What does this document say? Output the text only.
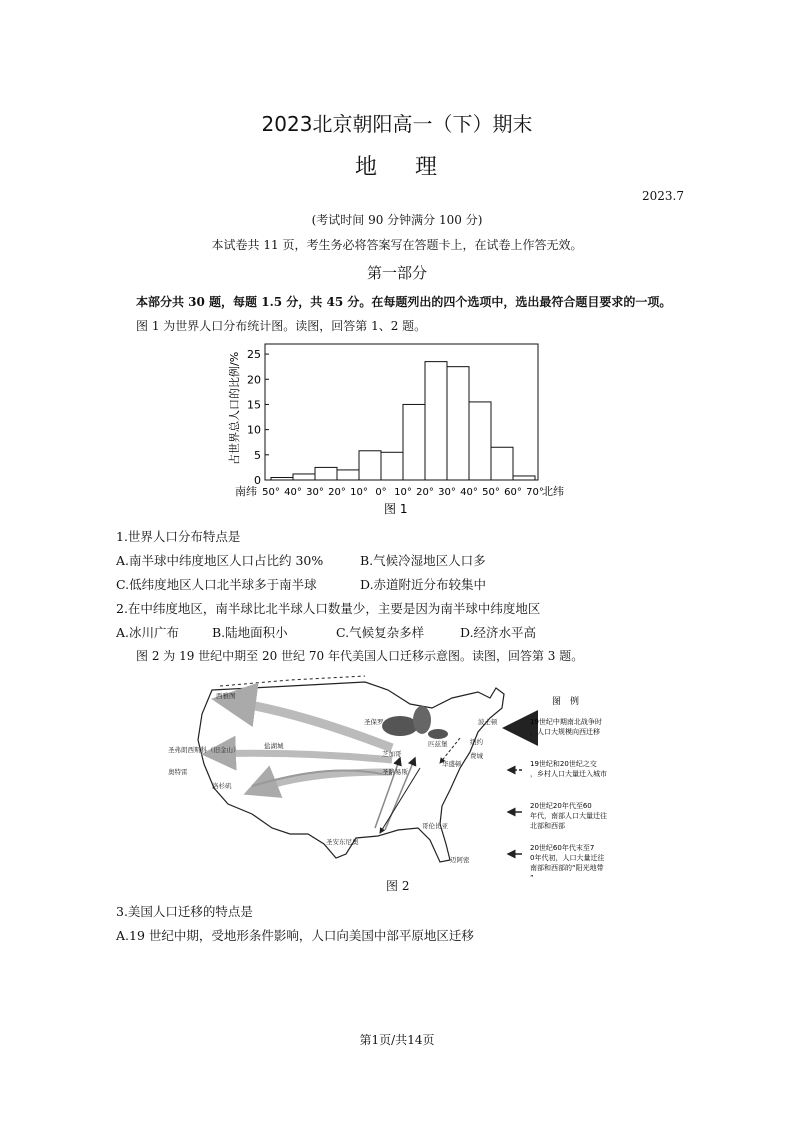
2023北京朝阳高一（下）期末
地 理
2023.7
(考试时间 90 分钟满分 100 分)
本试卷共 11 页，考生务必将答案写在答题卡上，在试卷上作答无效。
第一部分
本部分共 30 题，每题 1.5 分，共 45 分。在每题列出的四个选项中，选出最符合题目要求的一项。
图 1 为世界人口分布统计图。读图，回答第 1、2 题。
占世界总人口的比例/%
0
5
10
15
20
25
50° 40° 30° 20° 10° 0° 10° 20° 30° 40° 50° 60° 70°
南纬	北纬
图 1
1.世界人口分布特点是
A.南半球中纬度地区人口占比约 30%	B.气候冷湿地区人口多
C.低纬度地区人口北半球多于南半球	D.赤道附近分布较集中
2.在中纬度地区，南半球比北半球人口数量少，主要是因为南半球中纬度地区
A.冰川广布	B.陆地面积小	C.气候复杂多样	D.经济水平高
图 2 为 19 世纪中期至 20 世纪 70 年代美国人口迁移示意图。读图，回答第 3 题。
西雅图
圣弗朗西斯科（旧金山）	盐湖城
奥特雷
洛杉矶
圣保罗
芝加哥
匹兹堡
圣路易斯
华盛顿
纽约
费城
波士顿
哥伦比亚
圣安东尼奥
迈阿密
图　例
19世纪中期南北战争时
，人口大规模向西迁移
19世纪和20世纪之交
，乡村人口大量迁入城市
20世纪20年代至60
年代，南部人口大量迁往
北部和西部
20世纪60年代末至7
0年代初，人口大量迁往
南部和西部的“阳光地带
”
图 2
3.美国人口迁移的特点是
A.19 世纪中期，受地形条件影响，人口向美国中部平原地区迁移
第1页/共14页
